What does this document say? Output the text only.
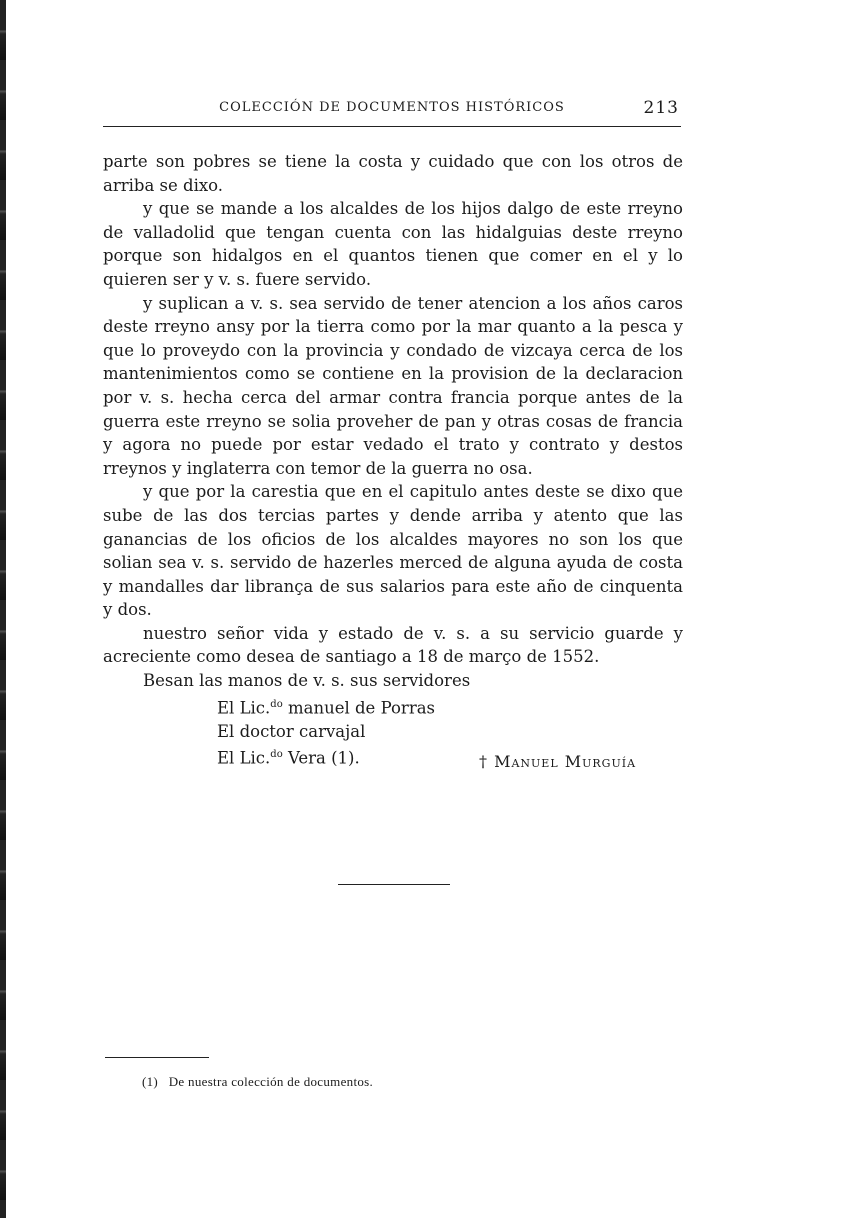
COLECCIÓN DE DOCUMENTOS HISTÓRICOS	213

parte son pobres se tiene la costa y cuidado que con los otros de arriba se dixo.

y que se mande a los alcaldes de los hijos dalgo de este rreyno de valladolid que tengan cuenta con las hidalguias deste rreyno porque son hidalgos en el quantos tienen que comer en el y lo quieren ser y v. s. fuere servido.

y suplican a v. s. sea servido de tener atencion a los años caros deste rreyno ansy por la tierra como por la mar quanto a la pesca y que lo proveydo con la provincia y condado de vizcaya cerca de los mantenimientos como se contiene en la provision de la declaracion por v. s. hecha cerca del armar contra francia porque antes de la guerra este rreyno se solia proveher de pan y otras cosas de francia y agora no puede por estar vedado el trato y contrato y destos rreynos y inglaterra con temor de la guerra no osa.

y que por la carestia que en el capitulo antes deste se dixo que sube de las dos tercias partes y dende arriba y atento que las ganancias de los oficios de los alcaldes mayores no son los que solian sea v. s. servido de hazerles merced de alguna ayuda de costa y mandalles dar librança de sus salarios para este año de cinquenta y dos.

nuestro señor vida y estado de v. s. a su servicio guarde y acreciente como desea de santiago a 18 de março de 1552.

Besan las manos de v. s. sus servidores

El Lic.$^{do}$ manuel de Porras

El doctor carvajal

El Lic.$^{do}$ Vera (1).	† Manuel Murguía
(1) De nuestra colección de documentos.
